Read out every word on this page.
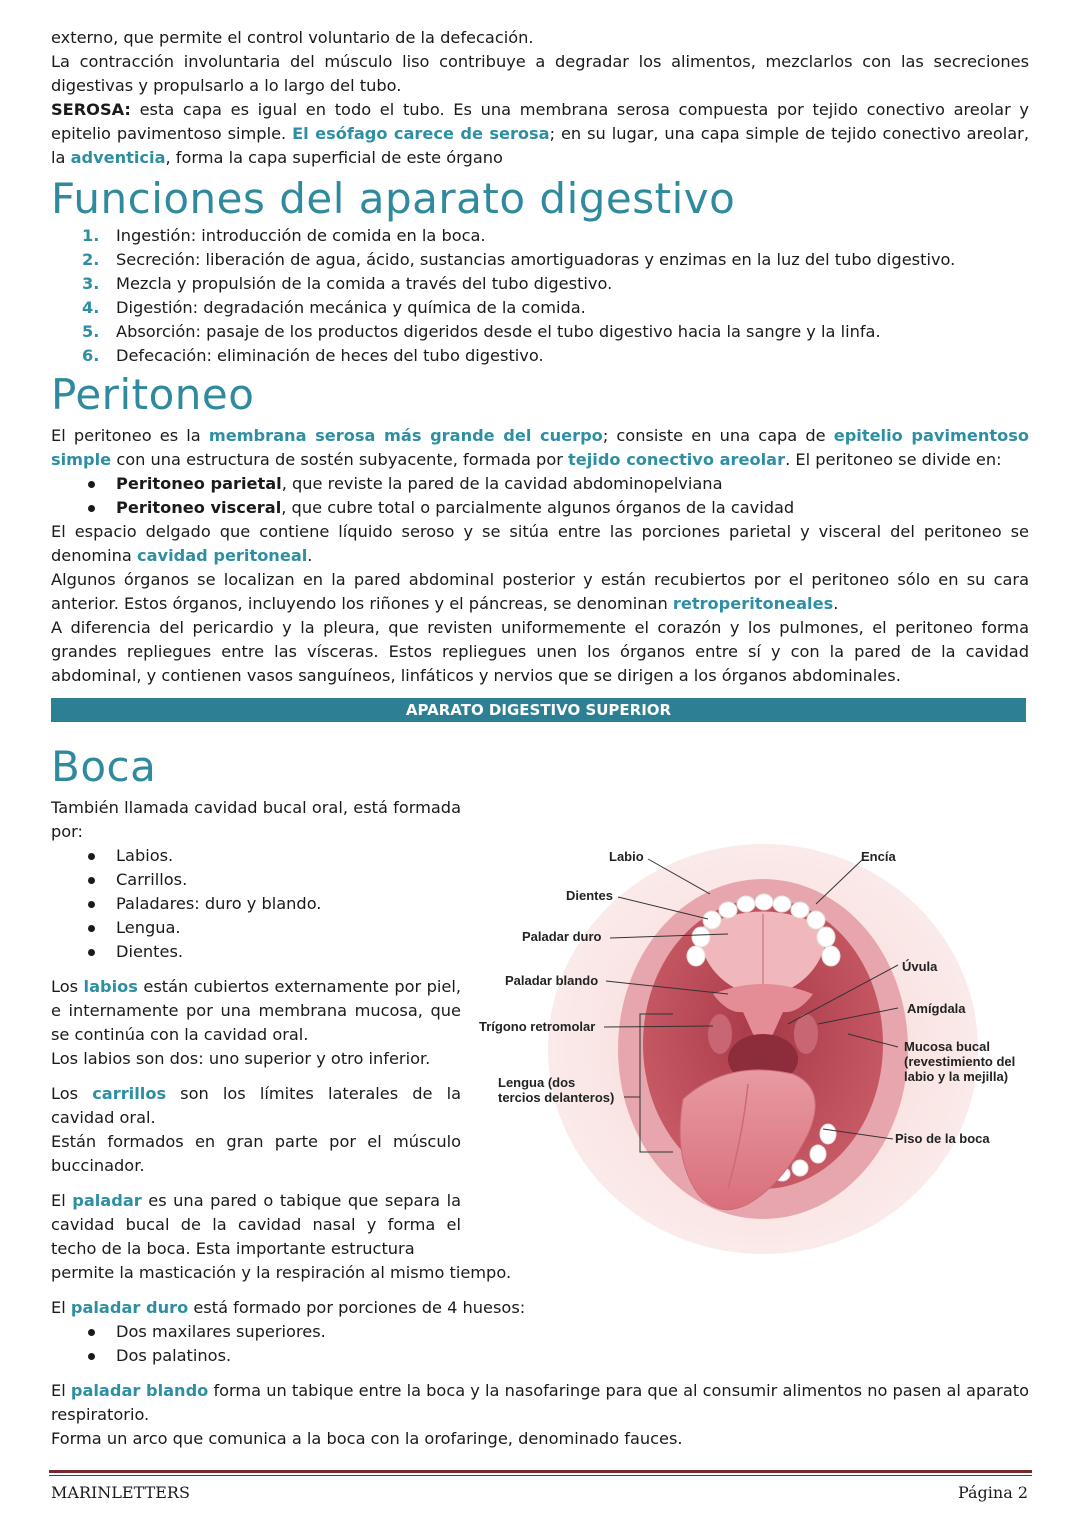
externo, que permite el control voluntario de la defecación.

La contracción involuntaria del músculo liso contribuye a degradar los alimentos, mezclarlos con las secreciones digestivas y propulsarlo a lo largo del tubo.

SEROSA: esta capa es igual en todo el tubo. Es una membrana serosa compuesta por tejido conectivo areolar y epitelio pavimentoso simple. El esófago carece de serosa; en su lugar, una capa simple de tejido conectivo areolar, la adventicia, forma la capa superficial de este órgano

Funciones del aparato digestivo
1. Ingestión: introducción de comida en la boca.
2. Secreción: liberación de agua, ácido, sustancias amortiguadoras y enzimas en la luz del tubo digestivo.
3. Mezcla y propulsión de la comida a través del tubo digestivo.
4. Digestión: degradación mecánica y química de la comida.
5. Absorción: pasaje de los productos digeridos desde el tubo digestivo hacia la sangre y la linfa.
6. Defecación: eliminación de heces del tubo digestivo.
Peritoneo

El peritoneo es la membrana serosa más grande del cuerpo; consiste en una capa de epitelio pavimentoso simple con una estructura de sostén subyacente, formada por tejido conectivo areolar. El peritoneo se divide en:

Peritoneo parietal, que reviste la pared de la cavidad abdominopelviana
Peritoneo visceral, que cubre total o parcialmente algunos órganos de la cavidad

El espacio delgado que contiene líquido seroso y se sitúa entre las porciones parietal y visceral del peritoneo se denomina cavidad peritoneal.

Algunos órganos se localizan en la pared abdominal posterior y están recubiertos por el peritoneo sólo en su cara anterior. Estos órganos, incluyendo los riñones y el páncreas, se denominan retroperitoneales.

A diferencia del pericardio y la pleura, que revisten uniformemente el corazón y los pulmones, el peritoneo forma grandes repliegues entre las vísceras. Estos repliegues unen los órganos entre sí y con la pared de la cavidad abdominal, y contienen vasos sanguíneos, linfáticos y nervios que se dirigen a los órganos abdominales.

APARATO DIGESTIVO SUPERIOR
Boca

También llamada cavidad bucal oral, está formada por:

Labios.
Carrillos.
Paladares: duro y blando.
Lengua.
Dientes.

Los labios están cubiertos externamente por piel, e internamente por una membrana mucosa, que se continúa con la cavidad oral.

Los labios son dos: uno superior y otro inferior.

Los carrillos son los límites laterales de la cavidad oral.

Están formados en gran parte por el músculo buccinador.

El paladar es una pared o tabique que separa la cavidad bucal de la cavidad nasal y forma el techo de la boca. Esta importante estructura

permite la masticación y la respiración al mismo tiempo.

El paladar duro está formado por porciones de 4 huesos:

Dos maxilares superiores.
Dos palatinos.

El paladar blando forma un tabique entre la boca y la nasofaringe para que al consumir alimentos no pasen al aparato respiratorio.

Forma un arco que comunica a la boca con la orofaringe, denominado fauces.

Labio	Encía
Dientes
Paladar duro
Úvula
Paladar blando
Amígdala
Trígono retromolar
Mucosa bucal
(revestimiento del
labio y la mejilla)
Lengua (dos
tercios delanteros)
Piso de la boca
MARINLETTERS	Página 2
